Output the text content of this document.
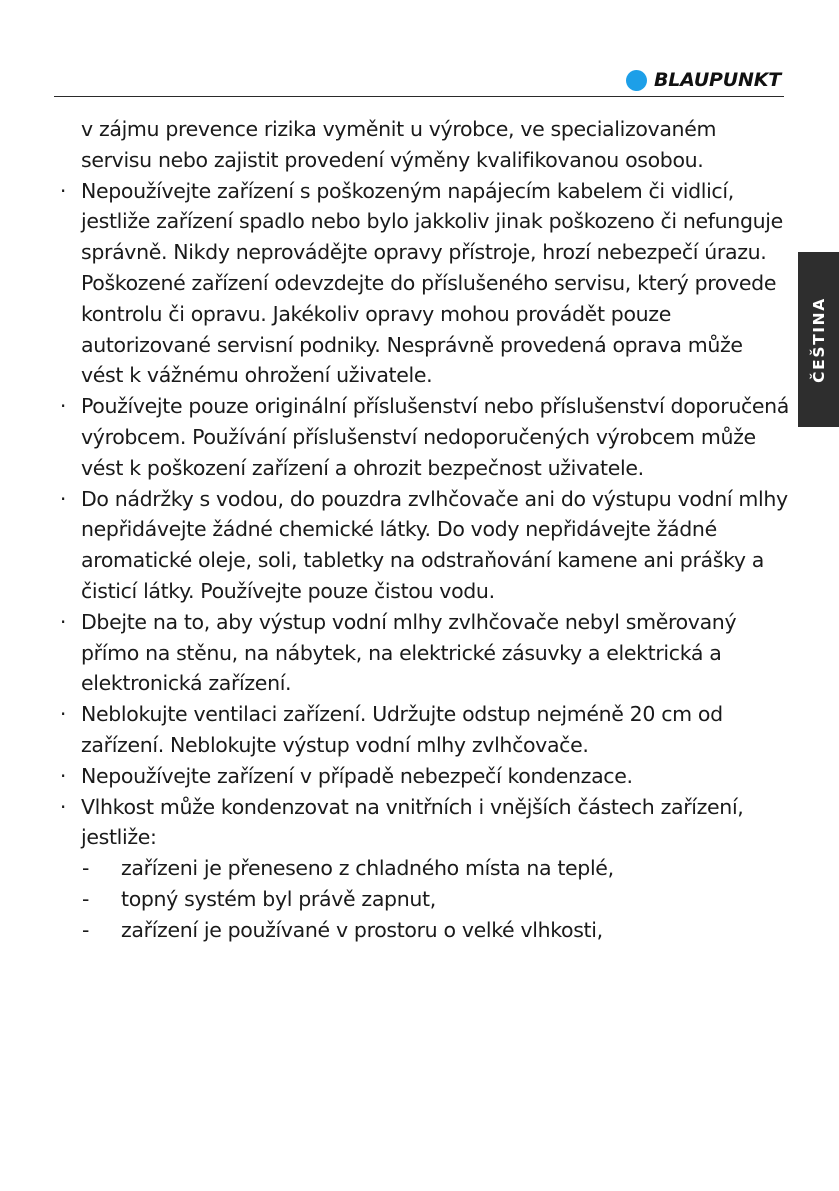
BLAUPUNKT
ČEŠTINA

v zájmu prevence rizika vyměnit u výrobce, ve specializovaném servisu nebo zajistit provedení výměny kvalifikovanou osobou.

· Nepoužívejte zařízení s poškozeným napájecím kabelem či vidlicí, jestliže zařízení spadlo nebo bylo jakkoliv jinak poškozeno či nefunguje správně. Nikdy neprovádějte opravy přístroje, hrozí nebezpečí úrazu. Poškozené zařízení odevzdejte do příslušeného servisu, který provede kontrolu či opravu. Jakékoliv opravy mohou provádět pouze autorizované servisní podniky. Nesprávně provedená oprava může vést k vážnému ohrožení uživatele.
· Používejte pouze originální příslušenství nebo příslušenství doporučená výrobcem. Používání příslušenství nedoporučených výrobcem může vést k poškození zařízení a ohrozit bezpečnost uživatele.
· Do nádržky s vodou, do pouzdra zvlhčovače ani do výstupu vodní mlhy nepřidávejte žádné chemické látky. Do vody nepřidávejte žádné aromatické oleje, soli, tabletky na odstraňování kamene ani prášky a čisticí látky. Používejte pouze čistou vodu.
· Dbejte na to, aby výstup vodní mlhy zvlhčovače nebyl směrovaný přímo na stěnu, na nábytek, na elektrické zásuvky a elektrická a elektronická zařízení.
· Neblokujte ventilaci zařízení. Udržujte odstup nejméně 20 cm od zařízení. Neblokujte výstup vodní mlhy zvlhčovače.
· Nepoužívejte zařízení v případě nebezpečí kondenzace.
· Vlhkost může kondenzovat na vnitřních i vnějších částech zařízení, jestliže:
- zařízeni je přeneseno z chladného místa na teplé,
- topný systém byl právě zapnut,
- zařízení je používané v prostoru o velké vlhkosti,
